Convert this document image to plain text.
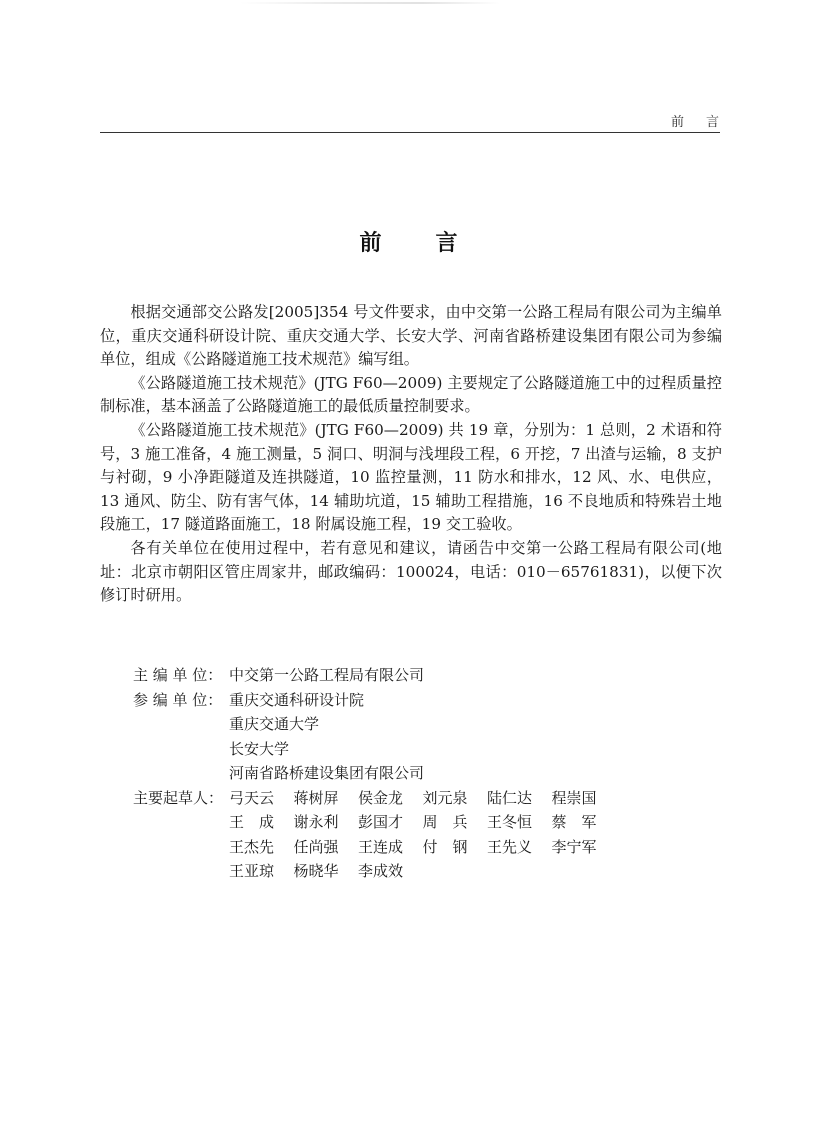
前言
前言

根据交通部交公路发[2005]354 号文件要求，由中交第一公路工程局有限公司为主编单位，重庆交通科研设计院、重庆交通大学、长安大学、河南省路桥建设集团有限公司为参编单位，组成《公路隧道施工技术规范》编写组。

《公路隧道施工技术规范》(JTG F60—2009) 主要规定了公路隧道施工中的过程质量控制标准，基本涵盖了公路隧道施工的最低质量控制要求。

《公路隧道施工技术规范》(JTG F60—2009) 共 19 章，分别为：1 总则，2 术语和符号，3 施工准备，4 施工测量，5 洞口、明洞与浅埋段工程，6 开挖，7 出渣与运输，8 支护与衬砌，9 小净距隧道及连拱隧道，10 监控量测，11 防水和排水，12 风、水、电供应，13 通风、防尘、防有害气体，14 辅助坑道，15 辅助工程措施，16 不良地质和特殊岩土地段施工，17 隧道路面施工，18 附属设施工程，19 交工验收。

各有关单位在使用过程中，若有意见和建议，请函告中交第一公路工程局有限公司(地址：北京市朝阳区管庄周家井，邮政编码：100024，电话：010－65761831)，以便下次修订时研用。

主 编 单 位： 中交第一公路工程局有限公司
参 编 单 位： 重庆交通科研设计院
重庆交通大学
长安大学
河南省路桥建设集团有限公司
主要起草人： 弓天云	蒋树屏	侯金龙	刘元泉	陆仁达	程崇国
王　成	谢永利	彭国才	周　兵	王冬恒	蔡　军
王杰先	任尚强	王连成	付　钢	王先义	李宁军
王亚琼	杨晓华	李成效
